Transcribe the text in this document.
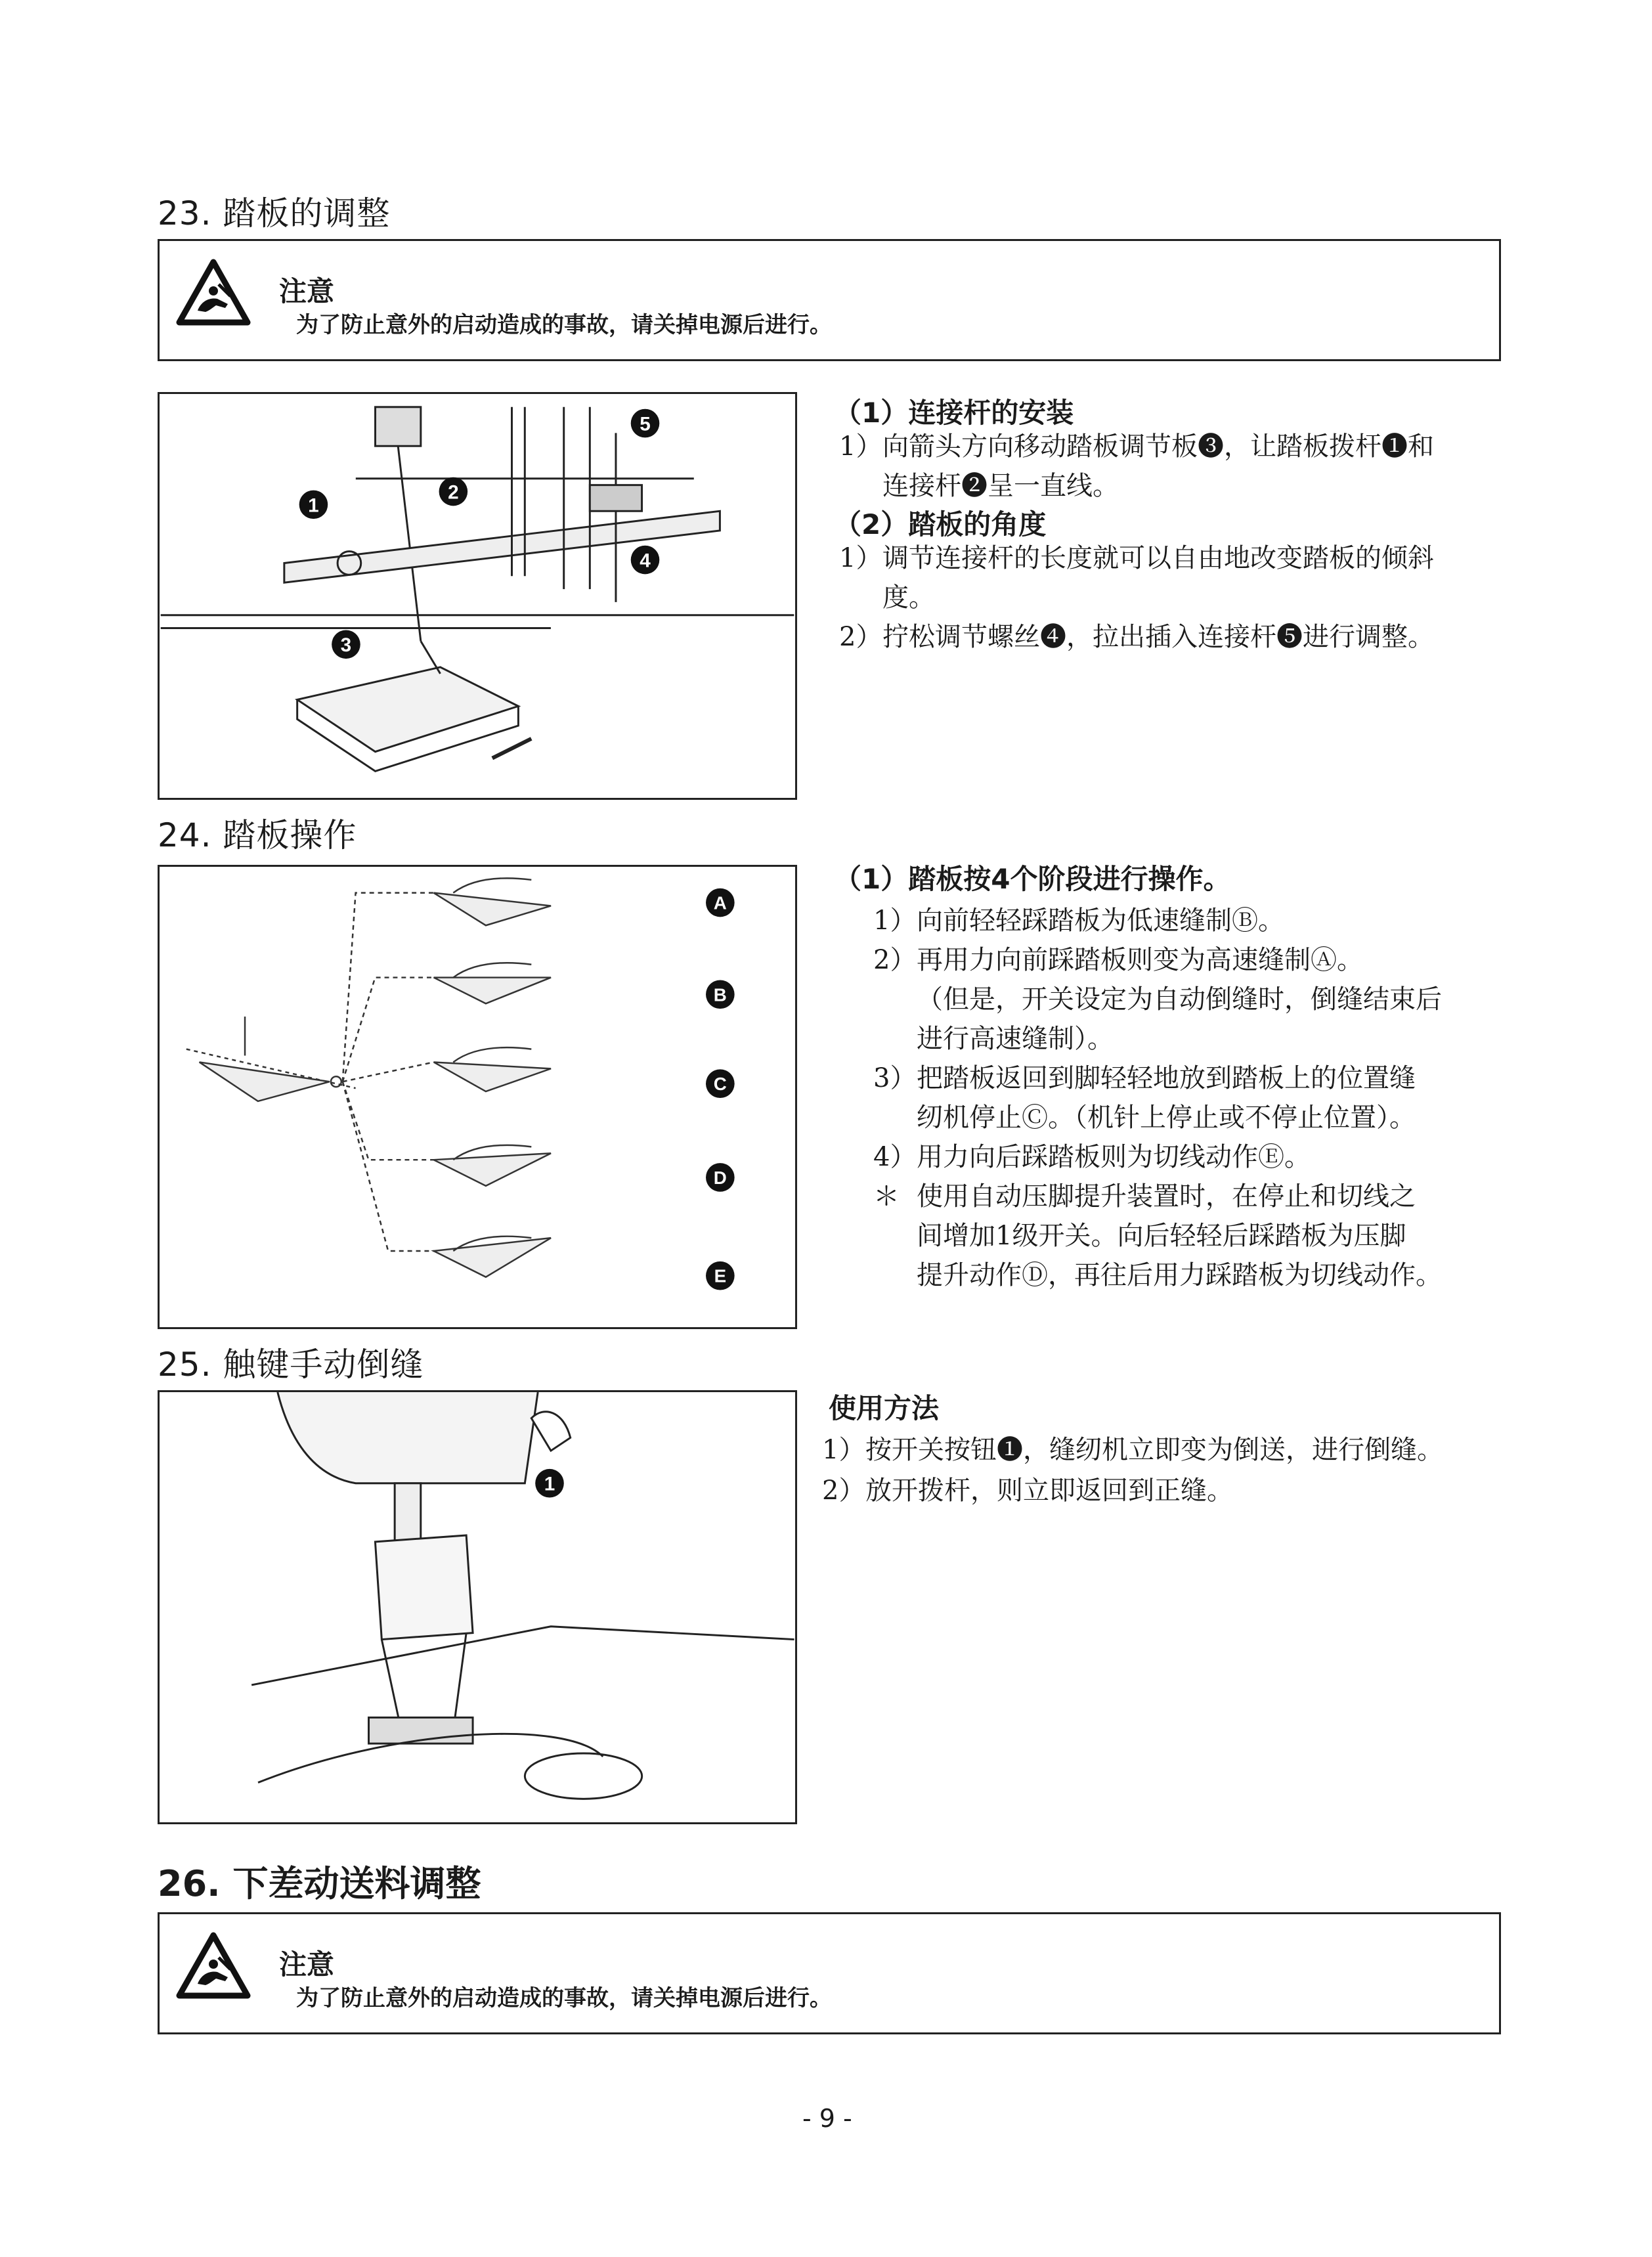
23. 踏板的调整
注意
为了防止意外的启动造成的事故，请关掉电源后进行。
5
2
1
4
3
（1）连接杆的安装
1） 向箭头方向移动踏板调节板❸，让踏板拨杆❶和
连接杆❷呈一直线。
（2）踏板的角度
1） 调节连接杆的长度就可以自由地改变踏板的倾斜
度。
2） 拧松调节螺丝❹，拉出插入连接杆❺进行调整。
24. 踏板操作
A
B
C
D
E
（1）踏板按4个阶段进行操作。
1） 向前轻轻踩踏板为低速缝制Ⓑ。
2） 再用力向前踩踏板则变为高速缝制Ⓐ。
（但是，开关设定为自动倒缝时，倒缝结束后
进行高速缝制）。
3） 把踏板返回到脚轻轻地放到踏板上的位置缝
纫机停止Ⓒ。（机针上停止或不停止位置）。
4） 用力向后踩踏板则为切线动作Ⓔ。
＊ 使用自动压脚提升装置时，在停止和切线之
间增加1级开关。向后轻轻后踩踏板为压脚
提升动作Ⓓ，再往后用力踩踏板为切线动作。
25. 触键手动倒缝
1
使用方法
1） 按开关按钮❶，缝纫机立即变为倒送，进行倒缝。
2） 放开拨杆，则立即返回到正缝。
26. 下差动送料调整
注意
为了防止意外的启动造成的事故，请关掉电源后进行。
- 9 -
